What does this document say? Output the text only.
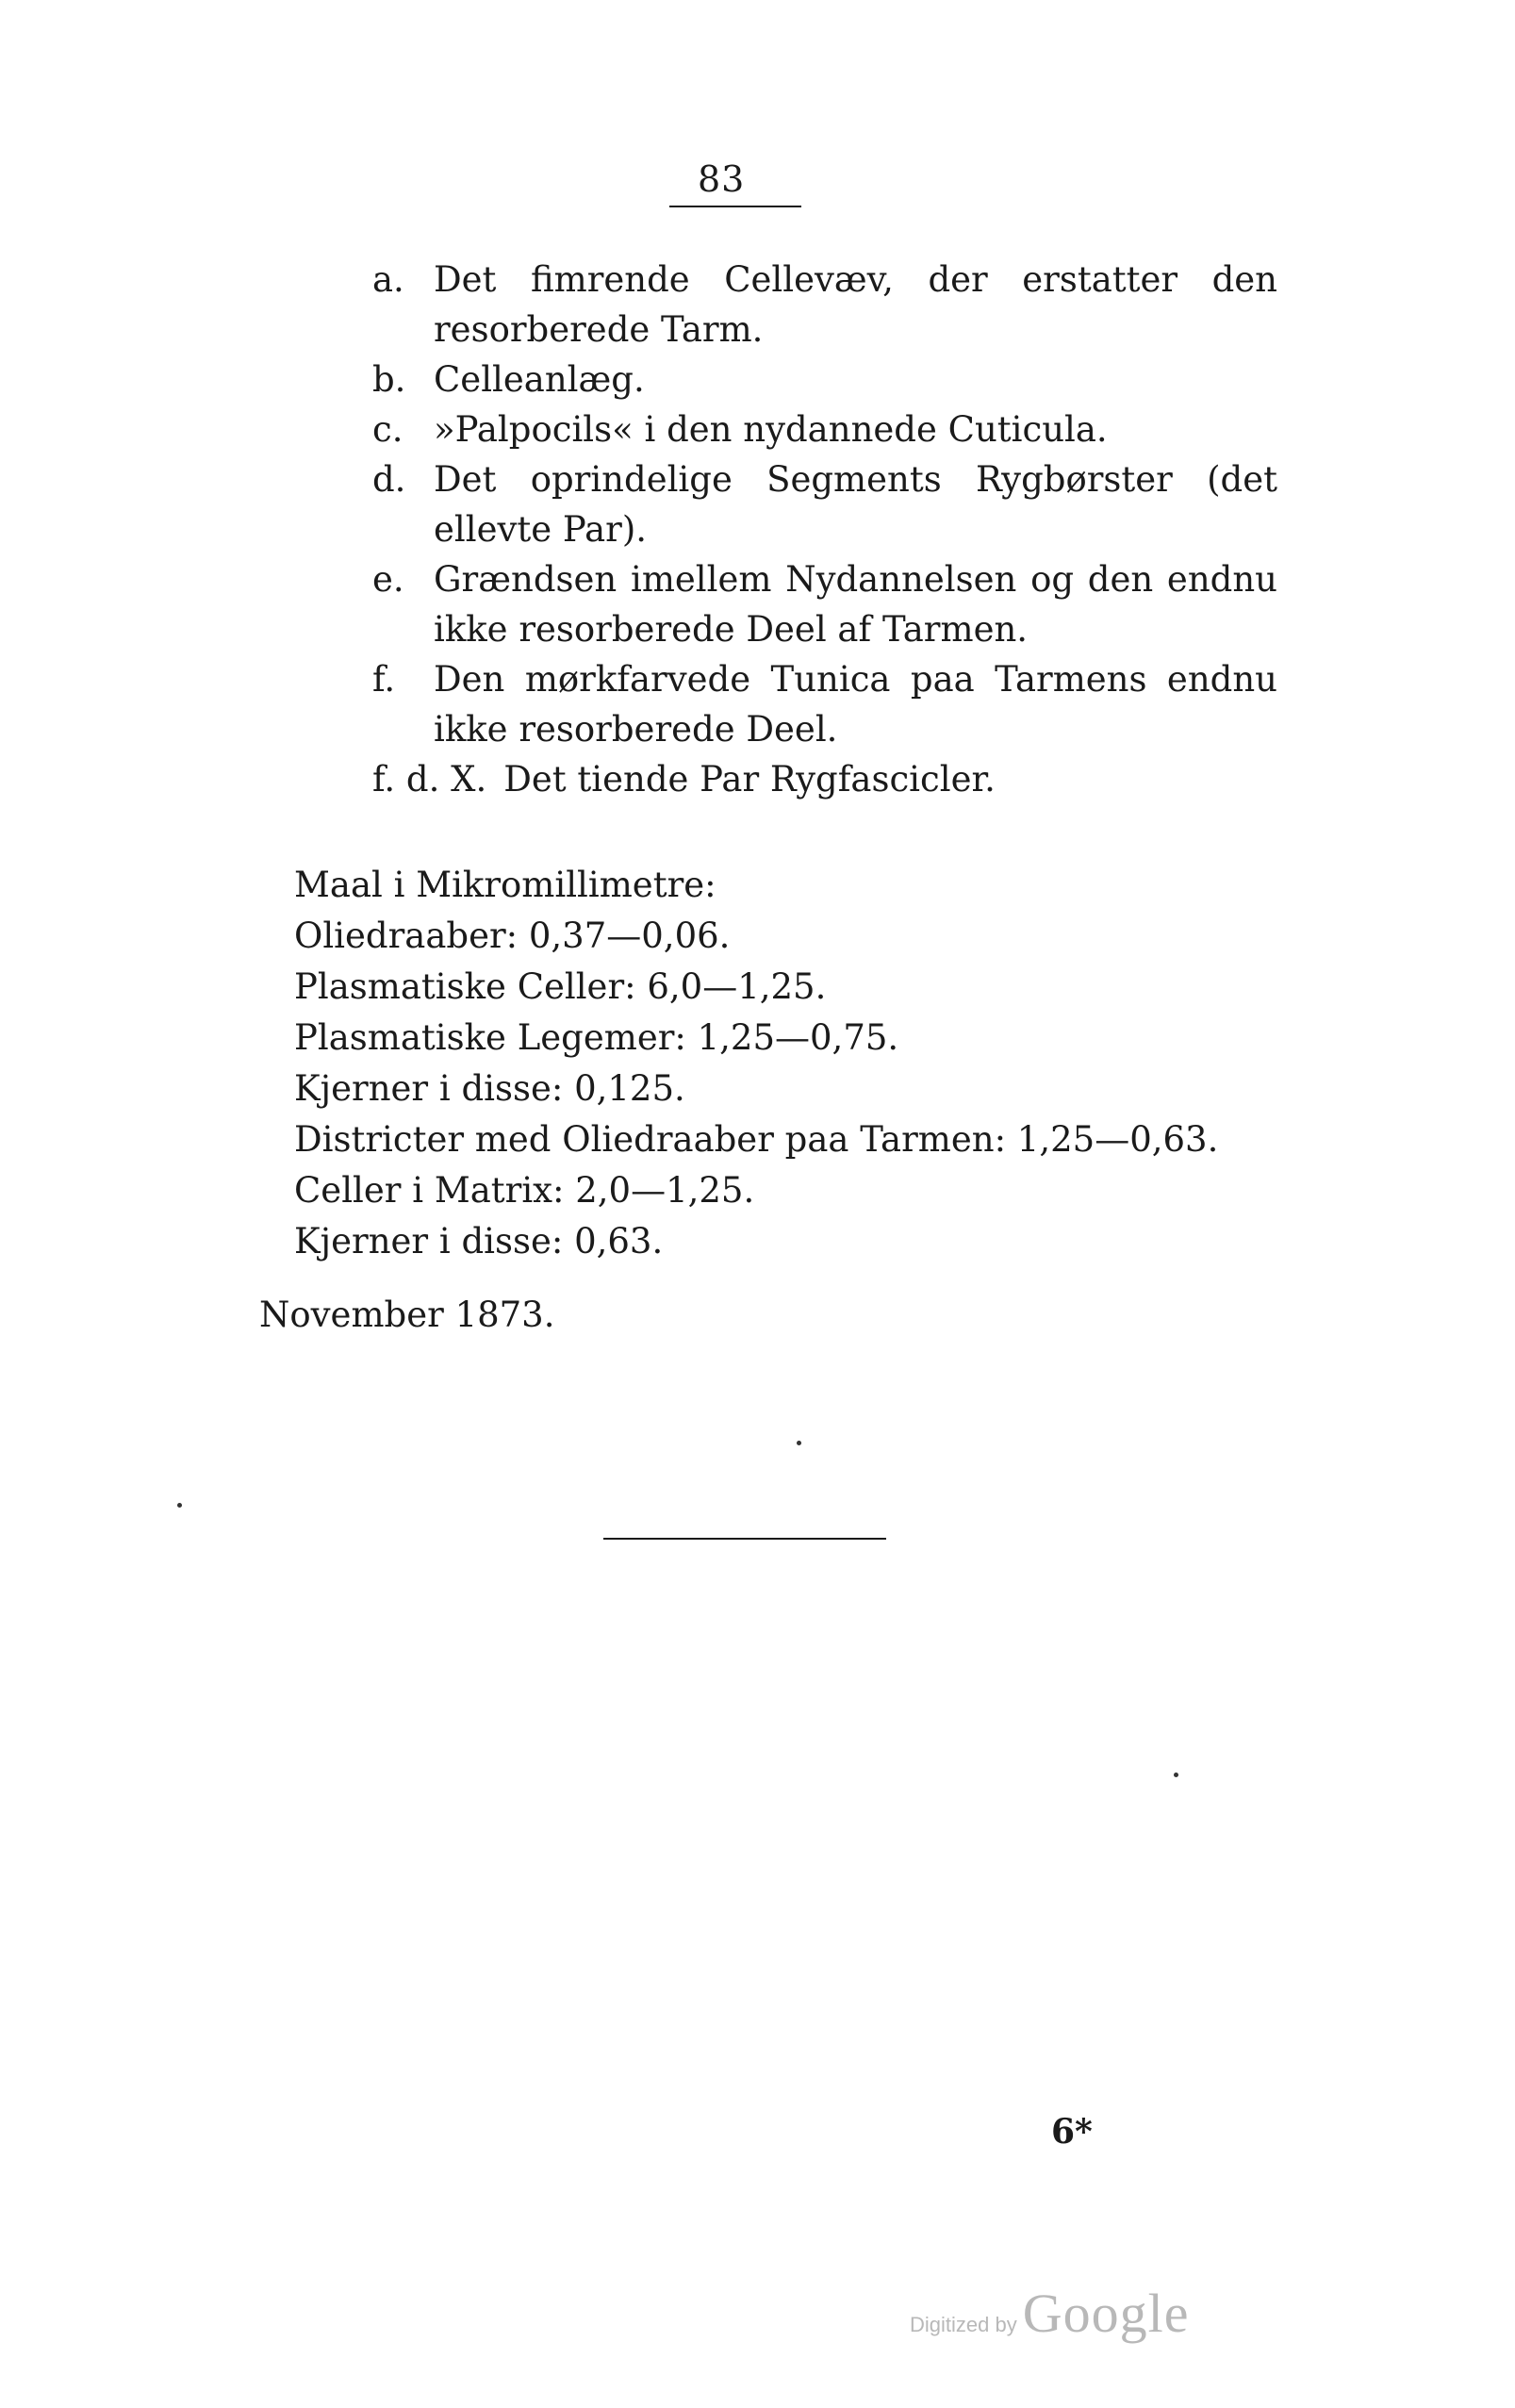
83
a. Det fimrende Cellevæv, der erstatter den resorberede Tarm.
b. Celleanlæg.
c. »Palpocils« i den nydannede Cuticula.
d. Det oprindelige Segments Rygbørster (det ellevte Par).
e. Grændsen imellem Nydannelsen og den endnu ikke resorberede Deel af Tarmen.
f.	Den mørkfarvede Tunica paa Tarmens endnu ikke resorberede Deel.
f. d. X. Det tiende Par Rygfascicler.
Maal i Mikromillimetre:
Oliedraaber: 0,37—0,06.
Plasmatiske Celler: 6,0—1,25.
Plasmatiske Legemer: 1,25—0,75.
Kjerner i disse: 0,125.
Districter med Oliedraaber paa Tarmen: 1,25—0,63.
Celler i Matrix: 2,0—1,25.
Kjerner i disse: 0,63.
November 1873.
6*
Digitized by Google
